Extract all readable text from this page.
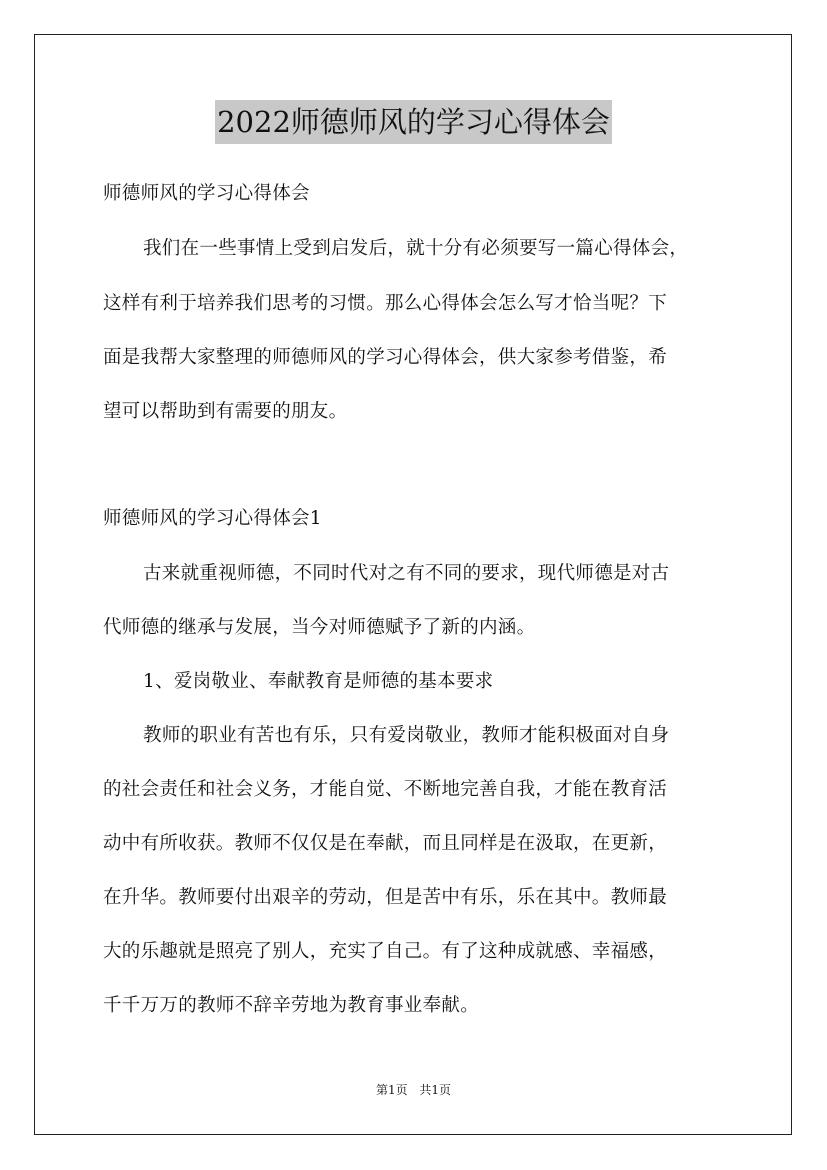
2022师德师风的学习心得体会
师德师风的学习心得体会
我们在一些事情上受到启发后，就十分有必须要写一篇心得体会，
这样有利于培养我们思考的习惯。那么心得体会怎么写才恰当呢？下
面是我帮大家整理的师德师风的学习心得体会，供大家参考借鉴，希
望可以帮助到有需要的朋友。
师德师风的学习心得体会1
古来就重视师德，不同时代对之有不同的要求，现代师德是对古
代师德的继承与发展，当今对师德赋予了新的内涵。
1、爱岗敬业、奉献教育是师德的基本要求
教师的职业有苦也有乐，只有爱岗敬业，教师才能积极面对自身
的社会责任和社会义务，才能自觉、不断地完善自我，才能在教育活
动中有所收获。教师不仅仅是在奉献，而且同样是在汲取，在更新，
在升华。教师要付出艰辛的劳动，但是苦中有乐，乐在其中。教师最
大的乐趣就是照亮了别人，充实了自己。有了这种成就感、幸福感，
千千万万的教师不辞辛劳地为教育事业奉献。
第1页 共1页
